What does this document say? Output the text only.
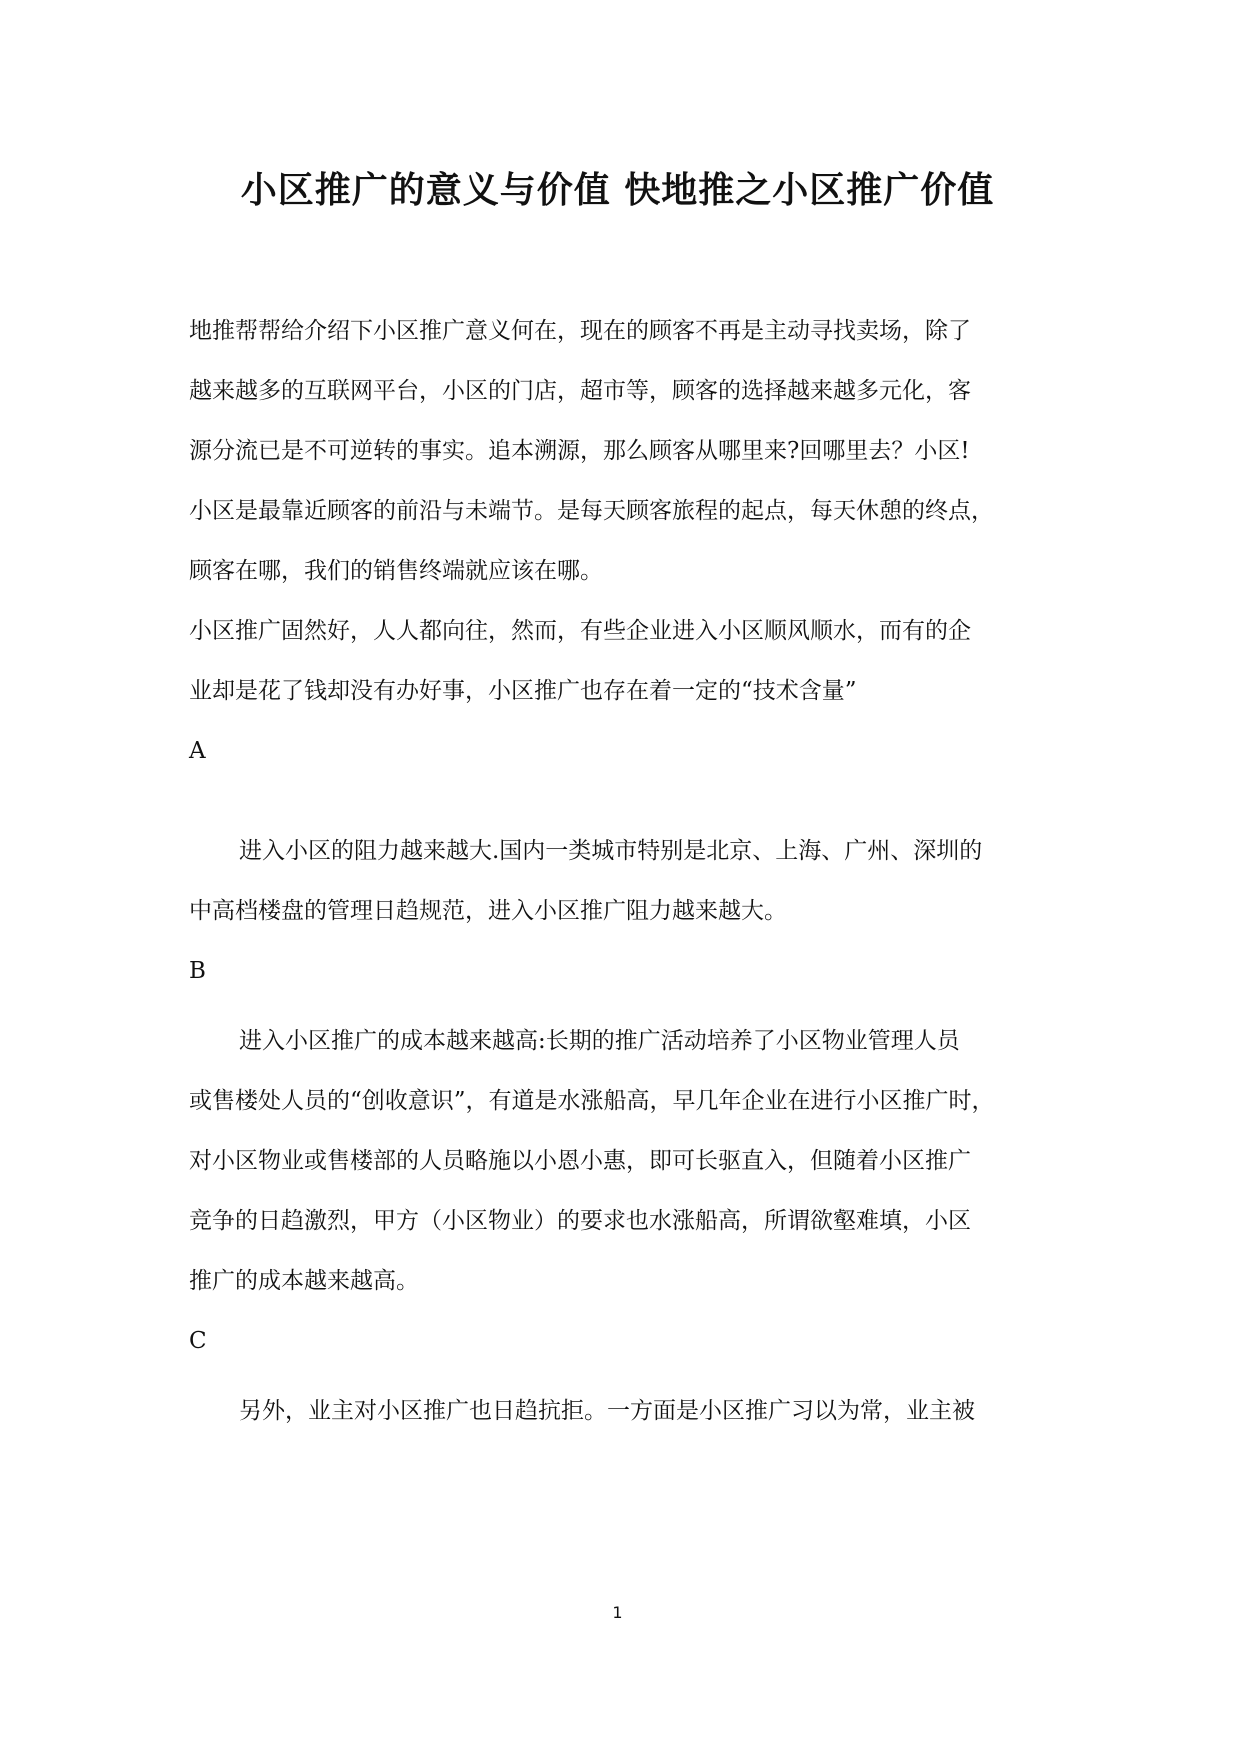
小区推广的意义与价值 快地推之小区推广价值
地推帮帮给介绍下小区推广意义何在，现在的顾客不再是主动寻找卖场，除了
越来越多的互联网平台，小区的门店，超市等，顾客的选择越来越多元化，客
源分流已是不可逆转的事实。追本溯源，那么顾客从哪里来?回哪里去？小区!
小区是最靠近顾客的前沿与未端节。是每天顾客旅程的起点，每天休憩的终点，
顾客在哪，我们的销售终端就应该在哪。
小区推广固然好，人人都向往，然而，有些企业进入小区顺风顺水，而有的企
业却是花了钱却没有办好事，小区推广也存在着一定的“技术含量”
A
进入小区的阻力越来越大.国内一类城市特别是北京、上海、广州、深圳的
中高档楼盘的管理日趋规范，进入小区推广阻力越来越大。
B
进入小区推广的成本越来越高:长期的推广活动培养了小区物业管理人员
或售楼处人员的“创收意识”，有道是水涨船高，早几年企业在进行小区推广时，
对小区物业或售楼部的人员略施以小恩小惠，即可长驱直入，但随着小区推广
竞争的日趋激烈，甲方（小区物业）的要求也水涨船高，所谓欲壑难填，小区
推广的成本越来越高。
C
另外，业主对小区推广也日趋抗拒。一方面是小区推广习以为常，业主被
1
